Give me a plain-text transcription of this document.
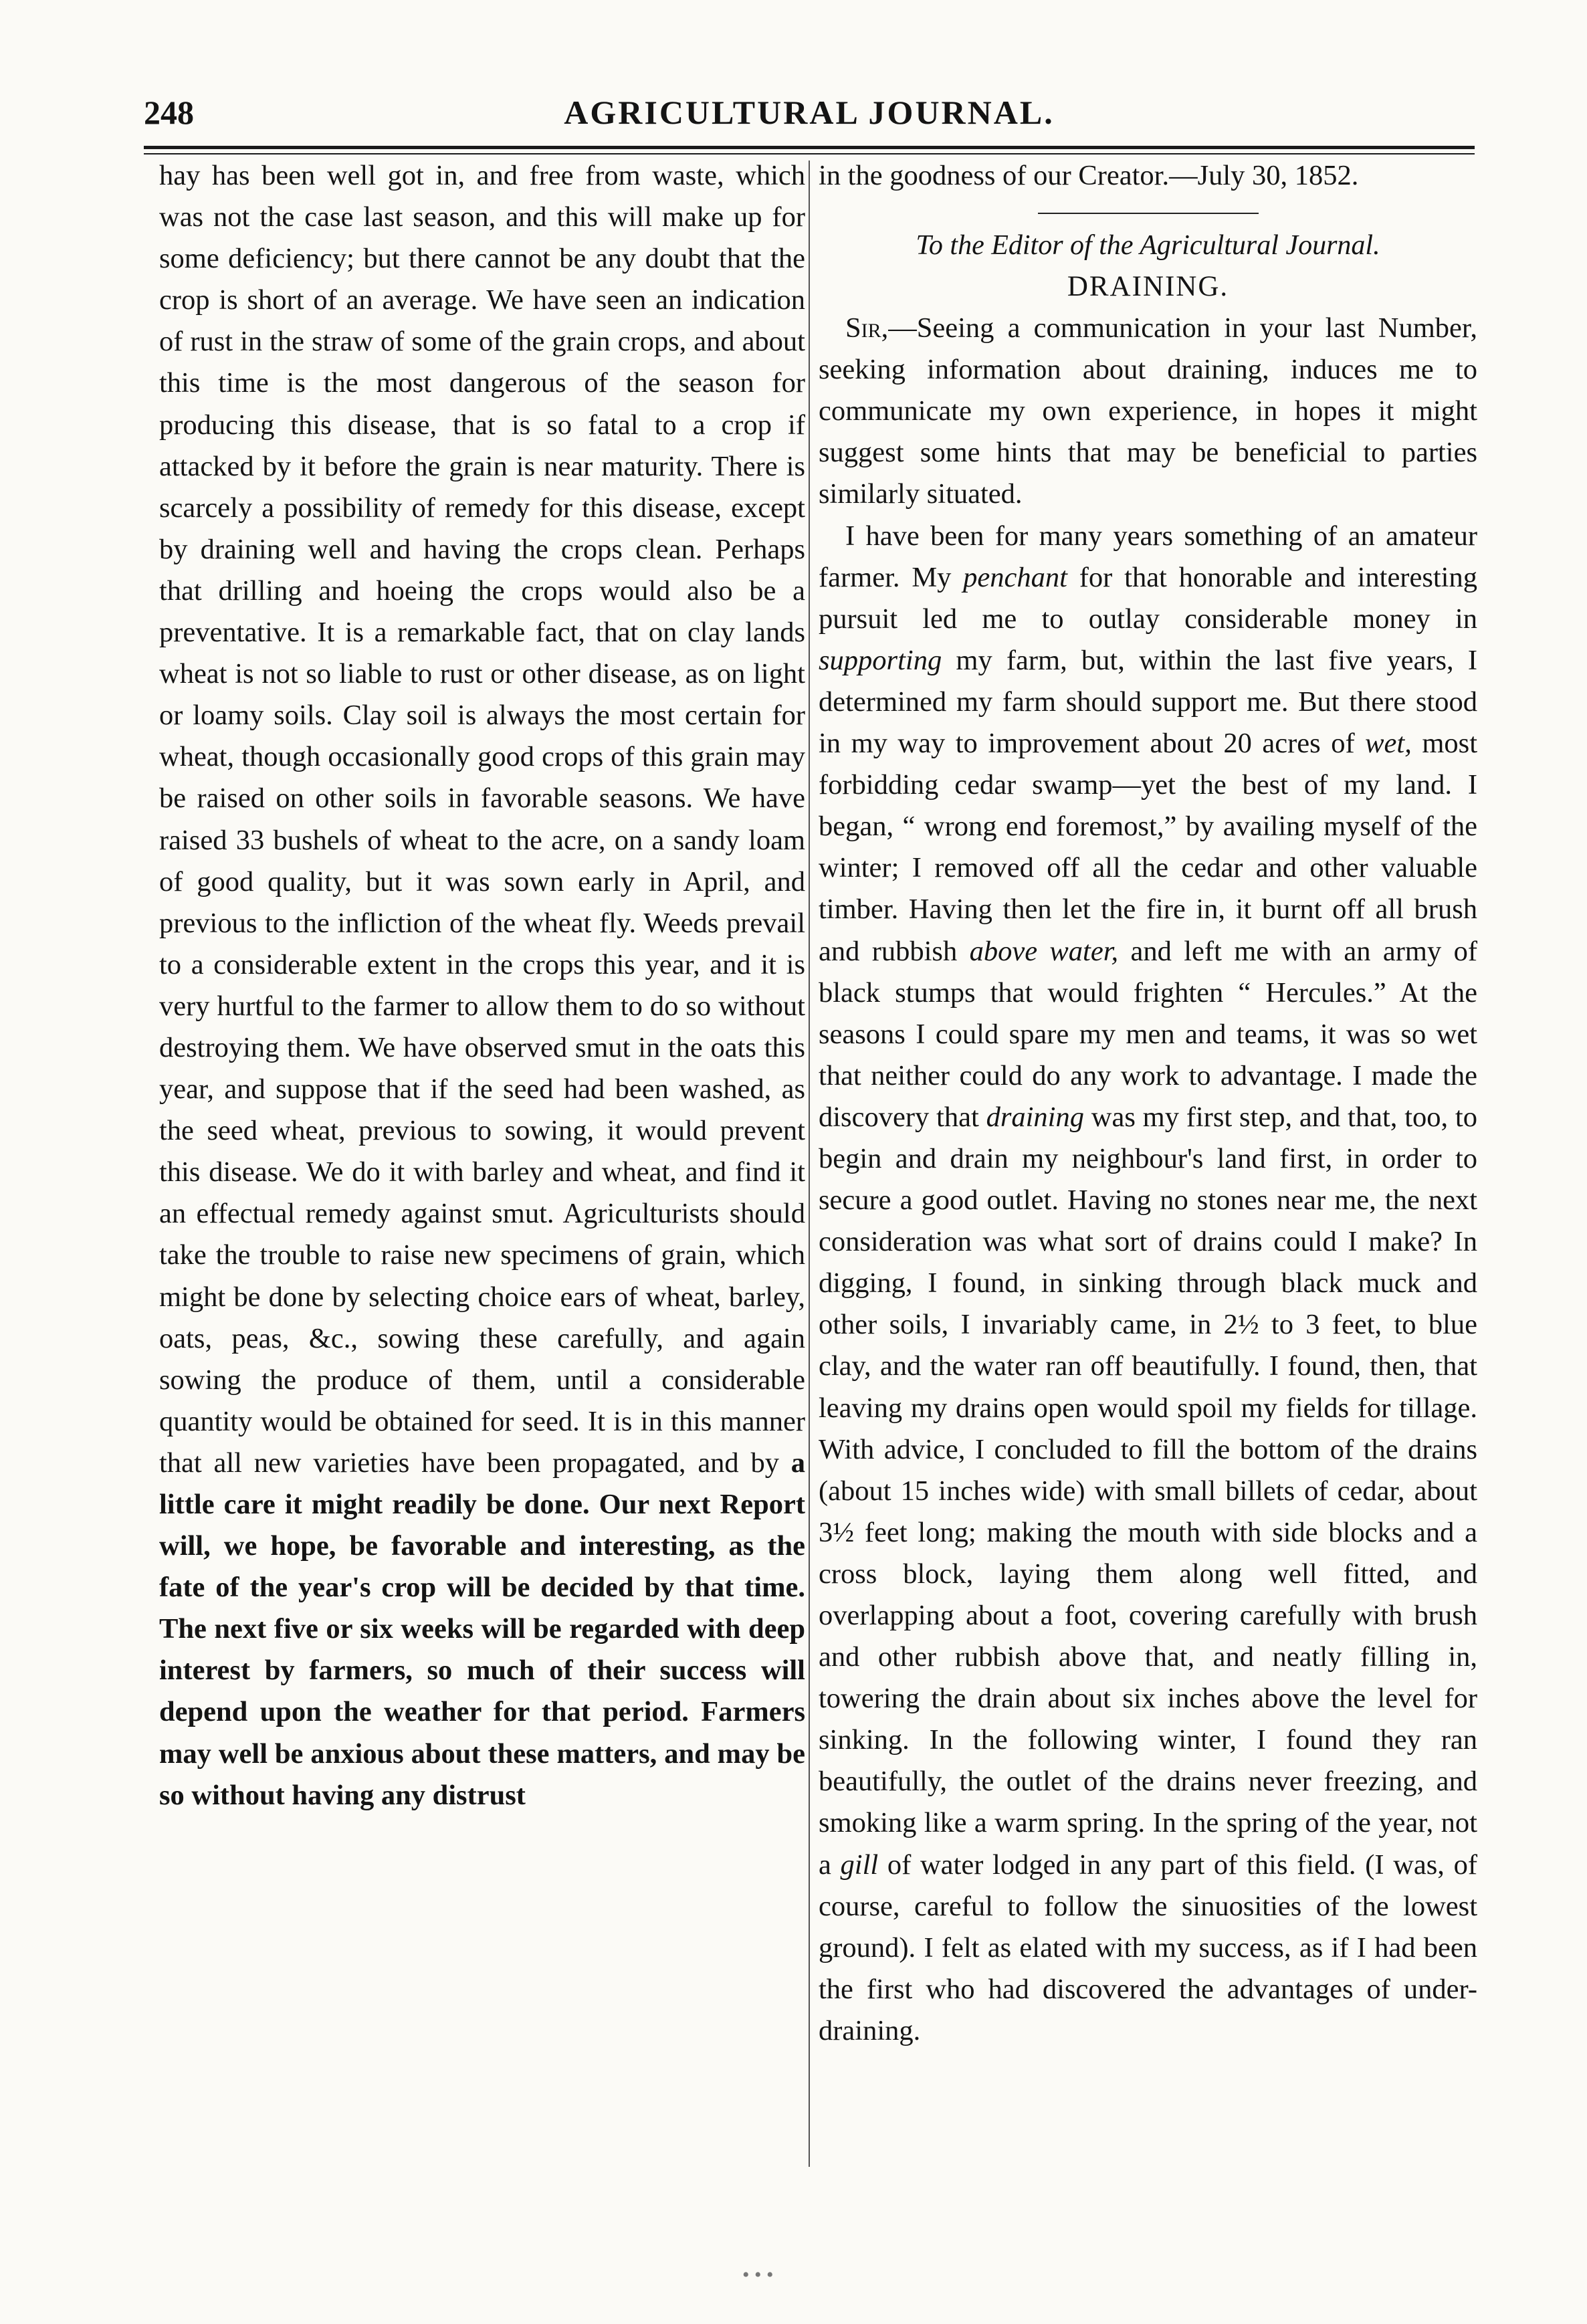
248	AGRICULTURAL JOURNAL.

hay has been well got in, and free from waste, which was not the case last season, and this will make up for some deficiency; but there cannot be any doubt that the crop is short of an average. We have seen an indication of rust in the straw of some of the grain crops, and about this time is the most dangerous of the season for producing this disease, that is so fatal to a crop if attacked by it before the grain is near maturity. There is scarcely a possibility of remedy for this disease, except by draining well and having the crops clean. Perhaps that drilling and hoeing the crops would also be a preventative. It is a remarkable fact, that on clay lands wheat is not so liable to rust or other disease, as on light or loamy soils. Clay soil is always the most certain for wheat, though occasionally good crops of this grain may be raised on other soils in favorable seasons. We have raised 33 bushels of wheat to the acre, on a sandy loam of good quality, but it was sown early in April, and previous to the infliction of the wheat fly. Weeds prevail to a considerable extent in the crops this year, and it is very hurtful to the farmer to allow them to do so without destroying them. We have observed smut in the oats this year, and suppose that if the seed had been washed, as the seed wheat, previous to sowing, it would prevent this disease. We do it with barley and wheat, and find it an effectual remedy against smut. Agriculturists should take the trouble to raise new specimens of grain, which might be done by selecting choice ears of wheat, barley, oats, peas, &c., sowing these carefully, and again sowing the produce of them, until a considerable quantity would be obtained for seed. It is in this manner that all new varieties have been propagated, and by a little care it might readily be done. Our next Report will, we hope, be favorable and interesting, as the fate of the year's crop will be decided by that time. The next five or six weeks will be regarded with deep interest by farmers, so much of their success will depend upon the weather for that period. Farmers may well be anxious about these matters, and may be so without having any distrust

in the goodness of our Creator.—July 30, 1852.

To the Editor of the Agricultural Journal.

DRAINING.

Sir,—Seeing a communication in your last Number, seeking information about draining, induces me to communicate my own experience, in hopes it might suggest some hints that may be beneficial to parties similarly situated.

I have been for many years something of an amateur farmer. My penchant for that honorable and interesting pursuit led me to outlay considerable money in supporting my farm, but, within the last five years, I determined my farm should support me. But there stood in my way to improvement about 20 acres of wet, most forbidding cedar swamp—yet the best of my land. I began, “ wrong end foremost,” by availing myself of the winter; I removed off all the cedar and other valuable timber. Having then let the fire in, it burnt off all brush and rubbish above water, and left me with an army of black stumps that would frighten “ Hercules.” At the seasons I could spare my men and teams, it was so wet that neither could do any work to advantage. I made the discovery that draining was my first step, and that, too, to begin and drain my neighbour's land first, in order to secure a good outlet. Having no stones near me, the next consideration was what sort of drains could I make? In digging, I found, in sinking through black muck and other soils, I invariably came, in 2½ to 3 feet, to blue clay, and the water ran off beautifully. I found, then, that leaving my drains open would spoil my fields for tillage. With advice, I concluded to fill the bottom of the drains (about 15 inches wide) with small billets of cedar, about 3½ feet long; making the mouth with side blocks and a cross block, laying them along well fitted, and overlapping about a foot, covering carefully with brush and other rubbish above that, and neatly filling in, towering the drain about six inches above the level for sinking. In the following winter, I found they ran beautifully, the outlet of the drains never freezing, and smoking like a warm spring. In the spring of the year, not a gill of water lodged in any part of this field. (I was, of course, careful to follow the sinuosities of the lowest ground). I felt as elated with my success, as if I had been the first who had discovered the advantages of under-draining.

• • •
